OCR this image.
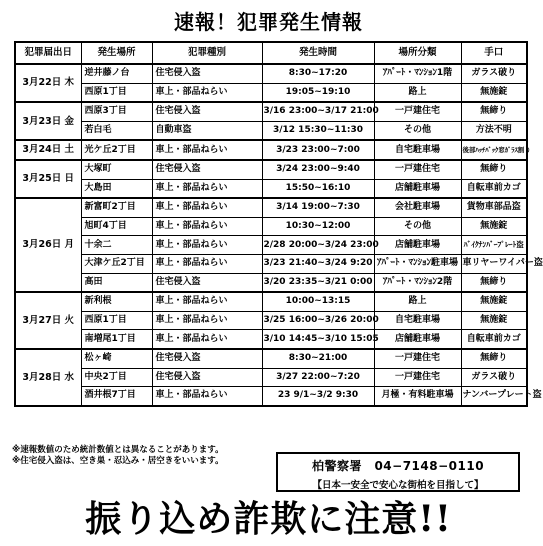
速報！犯罪発生情報
犯罪届出日	発生場所	犯罪種別	発生時間	場所分類	手口
3月22日 木	逆井藤ノ台	住宅侵入盗	8:30~17:20	ｱﾊﾟｰﾄ・ﾏﾝｼｮﾝ1階	ガラス破り
	西原1丁目	車上・部品ねらい	19:05~19:10	路上	無施錠
3月23日 金	西原3丁目	住宅侵入盗	3/16 23:00~3/17 21:00	一戸建住宅	無締り
	若白毛	自動車盗	3/12 15:30~11:30	その他	方法不明
3月24日 土	光ケ丘2丁目	車上・部品ねらい	3/23 23:00~7:00	自宅駐車場	後部ﾊｯﾁﾊﾞｯｸ窓ｶﾞﾗｽ割り
3月25日 日	大塚町	住宅侵入盗	3/24 23:00~9:40	一戸建住宅	無締り
	大島田	車上・部品ねらい	15:50~16:10	店舗駐車場	自転車前カゴ
3月26日 月	新富町2丁目	車上・部品ねらい	3/14 19:00~7:30	会社駐車場	貨物車部品盗
	旭町4丁目	車上・部品ねらい	10:30~12:00	その他	無施錠
	十余二	車上・部品ねらい	2/28 20:00~3/24 23:00	店舗駐車場	ﾊﾞｲｸﾅﾝﾊﾞｰﾌﾟﾚｰﾄ盗
	大津ケ丘2丁目	車上・部品ねらい	3/23 21:40~3/24 9:20	ｱﾊﾟｰﾄ・ﾏﾝｼｮﾝ駐車場	車リヤーワイパー盗
	高田	住宅侵入盗	3/20 23:35~3/21 0:00	ｱﾊﾟｰﾄ・ﾏﾝｼｮﾝ2階	無締り
3月27日 火	新利根	車上・部品ねらい	10:00~13:15	路上	無施錠
	西原1丁目	車上・部品ねらい	3/25 16:00~3/26 20:00	自宅駐車場	無施錠
	南増尾1丁目	車上・部品ねらい	3/10 14:45~3/10 15:05	店舗駐車場	自転車前カゴ
3月28日 水	松ヶ崎	住宅侵入盗	8:30~21:00	一戸建住宅	無締り
	中央2丁目	住宅侵入盗	3/27 22:00~7:20	一戸建住宅	ガラス破り
	酒井根7丁目	車上・部品ねらい	23 9/1~3/2 9:30	月極・有料駐車場	ナンバープレート盗
※速報数値のため統計数値とは異なることがあります。
※住宅侵入盗は、空き巣・忍込み・居空きをいいます。	柏警察署　04−7148−0110
【日本一安全で安心な街柏を目指して】
振り込め詐欺に注意!!
